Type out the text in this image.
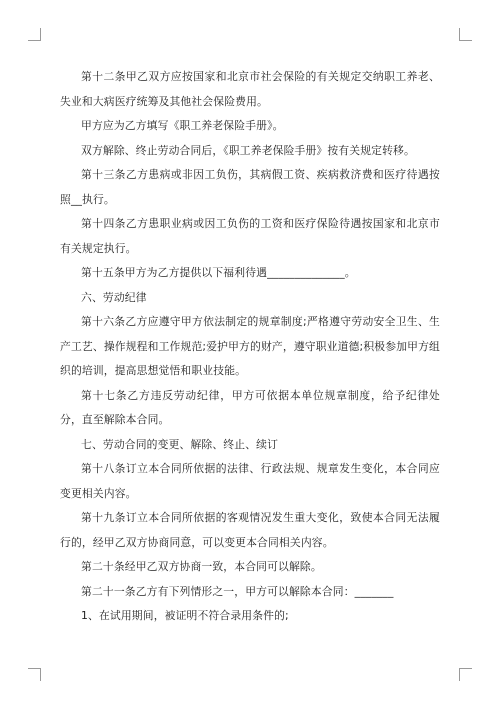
第十二条甲乙双方应按国家和北京市社会保险的有关规定交纳职工养老、失业和大病医疗统筹及其他社会保险费用。

甲方应为乙方填写《职工养老保险手册》。

双方解除、终止劳动合同后，《职工养老保险手册》按有关规定转移。

第十三条乙方患病或非因工负伤，其病假工资、疾病救济费和医疗待遇按照__执行。

第十四条乙方患职业病或因工负伤的工资和医疗保险待遇按国家和北京市有关规定执行。

第十五条甲方为乙方提供以下福利待遇______________。

六、劳动纪律

第十六条乙方应遵守甲方依法制定的规章制度;严格遵守劳动安全卫生、生产工艺、操作规程和工作规范;爱护甲方的财产，遵守职业道德;积极参加甲方组织的培训，提高思想觉悟和职业技能。

第十七条乙方违反劳动纪律，甲方可依据本单位规章制度，给予纪律处分，直至解除本合同。

七、劳动合同的变更、解除、终止、续订

第十八条订立本合同所依据的法律、行政法规、规章发生变化，本合同应变更相关内容。

第十九条订立本合同所依据的客观情况发生重大变化，致使本合同无法履行的，经甲乙双方协商同意，可以变更本合同相关内容。

第二十条经甲乙双方协商一致，本合同可以解除。

第二十一条乙方有下列情形之一，甲方可以解除本合同：_______

1、在试用期间，被证明不符合录用条件的;
